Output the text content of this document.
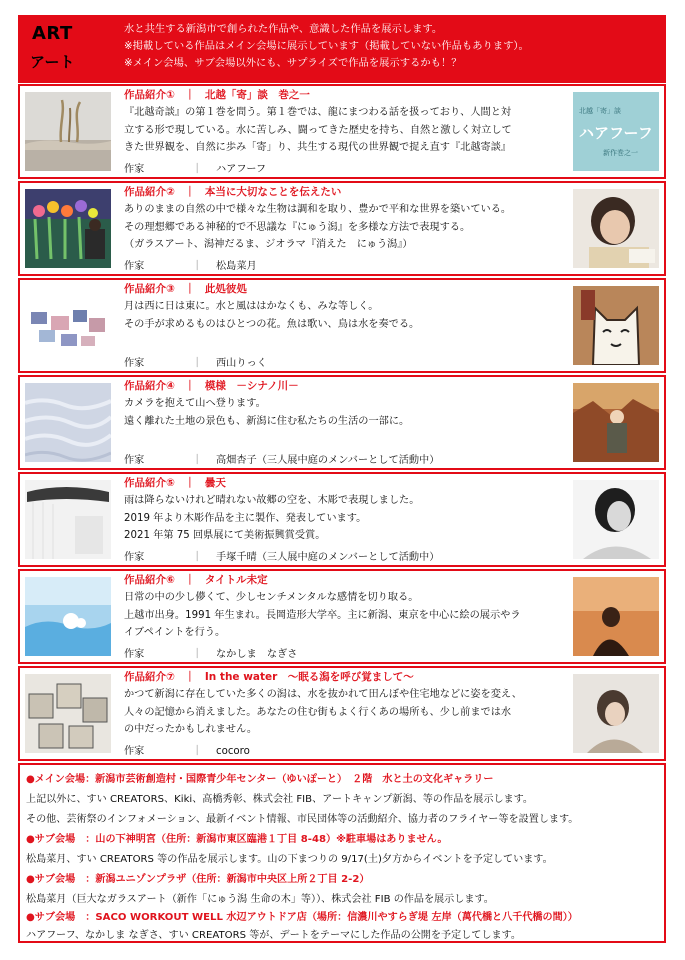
ART
アート
水と共生する新潟市で創られた作品や、意識した作品を展示します。
※掲載している作品はメイン会場に展示しています（掲載していない作品もあります）。
※メイン会場、サブ会場以外にも、サプライズで作品を展示するかも！？
作品紹介① ｜ 北越「寄」談　巻之一
『北越奇談』の第１巻を問う。第１巻では、龍にまつわる話を扱っており、人間と対
立する形で現している。水に苦しみ、闘ってきた歴史を持ち、自然と激しく対立して
きた世界観を、自然に歩み「寄」り、共生する現代の世界観で捉え直す『北越寄談』
作家	｜ ハアフーフ
北越「寄」談
ハアフーフ
新作巻之一
作品紹介② ｜ 本当に大切なことを伝えたい
ありのままの自然の中で様々な生物は調和を取り、豊かで平和な世界を築いている。
その理想郷である神秘的で不思議な『にゅう潟』を多様な方法で表現する。
（ガラスアート、潟神だるま、ジオラマ『消えた　にゅう潟』）
作家	｜ 松島菜月
作品紹介③ ｜ 此処彼処
月は西に日は東に。水と風ははかなくも、みな等しく。
その手が求めるものはひとつの花。魚は歌い、鳥は水を奏でる。
作家	｜ 西山りっく
作品紹介④ ｜ 模様　－シナノ川－
カメラを抱えて山へ登ります。
遠く離れた土地の景色も、新潟に住む私たちの生活の一部に。
作家	｜ 高畑杏子（三人展中庭のメンバーとして活動中）
作品紹介⑤ ｜ 曇天
雨は降らないけれど晴れない故郷の空を、木彫で表現しました。
2019 年より木彫作品を主に製作、発表しています。
2021 年第 75 回県展にて美術振興賞受賞。
作家	｜ 手塚千晴（三人展中庭のメンバーとして活動中）
作品紹介⑥ ｜ タイトル未定
日常の中の少し儚くて、少しセンチメンタルな感情を切り取る。
上越市出身。1991 年生まれ。長岡造形大学卒。主に新潟、東京を中心に絵の展示やラ
イブペイントを行う。
作家	｜ なかしま　なぎさ
作品紹介⑦ ｜ In the water　～眠る潟を呼び覚まして～
かつて新潟に存在していた多くの潟は、水を抜かれて田んぼや住宅地などに姿を変え、
人々の記憶から消えました。あなたの住む街もよく行くあの場所も、少し前までは水
の中だったかもしれません。
作家	｜ cocoro
●メイン会場：新潟市芸術創造村・国際青少年センター（ゆいぽーと）　２階　水と土の文化ギャラリー
上記以外に、すい CREATORS、Kiki、高橋秀彰、株式会社 FIB、アートキャンプ新潟、等の作品を展示します。
その他、芸術祭のインフォメーション、最新イベント情報、市民団体等の活動紹介、協力者のフライヤー等を設置します。
●サブ会場　：山の下神明宮（住所：新潟市東区臨港１丁目 8-48）※駐車場はありません。
松島菜月、すい CREATORS 等の作品を展示します。山の下まつりの 9/17(土)夕方からイベントを予定しています。
●サブ会場　：新潟ユニゾンプラザ（住所：新潟市中央区上所２丁目 2-2）
松島菜月（巨大なガラスアート（新作「にゅう潟 生命の木」等））、株式会社 FIB の作品を展示します。
●サブ会場　：SACO WORKOUT WELL 水辺アウトドア店（場所：信濃川やすらぎ堤 左岸（萬代橋と八千代橋の間））
ハアフーフ、なかしま なぎさ、すい CREATORS 等が、デートをテーマにした作品の公開を予定してします。
